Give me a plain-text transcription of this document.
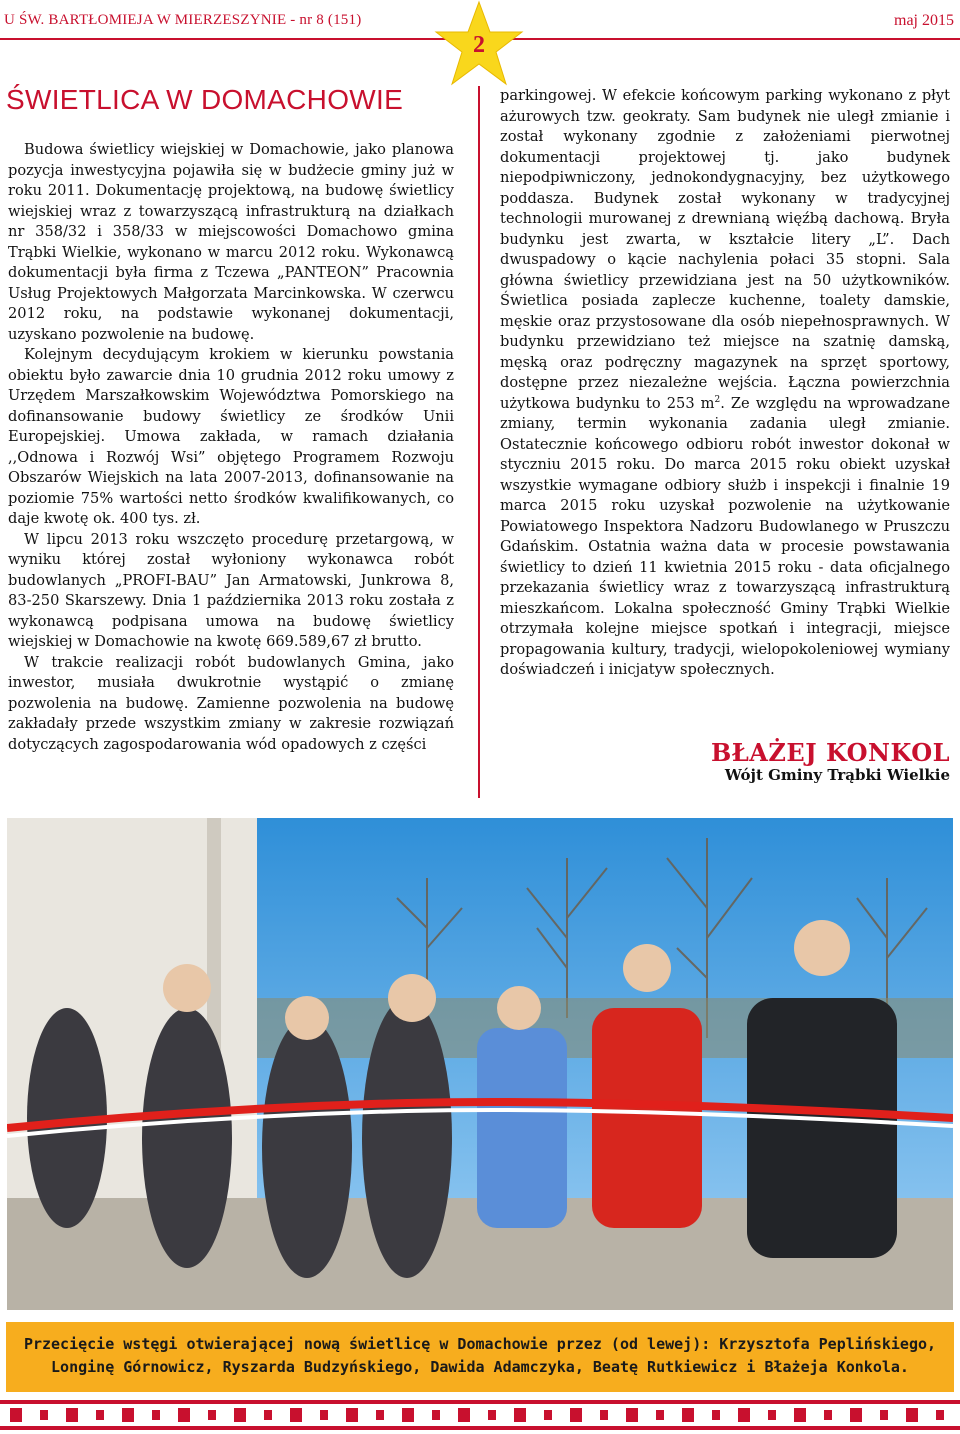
U ŚW. BARTŁOMIEJA W MIERZESZYNIE - nr 8 (151)	maj 2015
2
ŚWIETLICA W DOMACHOWIE

Budowa świetlicy wiejskiej w Domachowie, jako planowa pozycja inwestycyjna pojawiła się w budżecie gminy już w roku 2011. Dokumentację projektową, na budowę świetlicy wiejskiej wraz z towarzyszącą infrastrukturą na działkach nr 358/32 i 358/33 w miejscowości Domachowo gmina Trąbki Wielkie, wykonano w marcu 2012 roku. Wykonawcą dokumentacji była firma z Tczewa „PANTEON” Pracownia Usług Projektowych Małgorzata Marcinkowska. W czerwcu 2012 roku, na podstawie wykonanej dokumentacji, uzyskano pozwolenie na budowę.

Kolejnym decydującym krokiem w kierunku powstania obiektu było zawarcie dnia 10 grudnia 2012 roku umowy z Urzędem Marszałkowskim Województwa Pomorskiego na dofinansowanie budowy świetlicy ze środków Unii Europejskiej. Umowa zakłada, w ramach działania ,,Odnowa i Rozwój Wsi” objętego Programem Rozwoju Obszarów Wiejskich na lata 2007-2013, dofinansowanie na poziomie 75% wartości netto środków kwalifikowanych, co daje kwotę ok. 400 tys. zł.

W lipcu 2013 roku wszczęto procedurę przetargową, w wyniku której został wyłoniony wykonawca robót budowlanych „PROFI-BAU” Jan Armatowski, Junkrowa 8, 83-250 Skarszewy. Dnia 1 października 2013 roku została z wykonawcą podpisana umowa na budowę świetlicy wiejskiej w Domachowie na kwotę 669.589,67 zł brutto.

W trakcie realizacji robót budowlanych Gmina, jako inwestor, musiała dwukrotnie wystąpić o zmianę pozwolenia na budowę. Zamienne pozwolenia na budowę zakładały przede wszystkim zmiany w zakresie rozwiązań dotyczących zagospodarowania wód opadowych z części

parkingowej. W efekcie końcowym parking wykonano z płyt ażurowych tzw. geokraty. Sam budynek nie uległ zmianie i został wykonany zgodnie z założeniami pierwotnej dokumentacji projektowej tj. jako budynek niepodpiwniczony, jednokondygnacyjny, bez użytkowego poddasza. Budynek został wykonany w tradycyjnej technologii murowanej z drewnianą więźbą dachową. Bryła budynku jest zwarta, w kształcie litery „L”. Dach dwuspadowy o kącie nachylenia połaci 35 stopni. Sala główna świetlicy przewidziana jest na 50 użytkowników. Świetlica posiada zaplecze kuchenne, toalety damskie, męskie oraz przystosowane dla osób niepełnosprawnych. W budynku przewidziano też miejsce na szatnię damską, męską oraz podręczny magazynek na sprzęt sportowy, dostępne przez niezależne wejścia. Łączna powierzchnia użytkowa budynku to 253 $m^2$. Ze względu na wprowadzane zmiany, termin wykonania zadania uległ zmianie. Ostatecznie końcowego odbioru robót inwestor dokonał w styczniu 2015 roku. Do marca 2015 roku obiekt uzyskał wszystkie wymagane odbiory służb i inspekcji i finalnie 19 marca 2015 roku uzyskał pozwolenie na użytkowanie Powiatowego Inspektora Nadzoru Budowlanego w Pruszczu Gdańskim. Ostatnia ważna data w procesie powstawania świetlicy to dzień 11 kwietnia 2015 roku - data oficjalnego przekazania świetlicy wraz z towarzyszącą infrastrukturą mieszkańcom. Lokalna społeczność Gminy Trąbki Wielkie otrzymała kolejne miejsce spotkań i integracji, miejsce propagowania kultury, tradycji, wielopokoleniowej wymiany doświadczeń i inicjatyw społecznych.

BŁAŻEJ KONKOL
Wójt Gminy Trąbki Wielkie
Przecięcie wstęgi otwierającej nową świetlicę w Domachowie przez (od lewej): Krzysztofa Peplińskiego,
Longinę Górnowicz, Ryszarda Budzyńskiego, Dawida Adamczyka, Beatę Rutkiewicz i Błażeja Konkola.
